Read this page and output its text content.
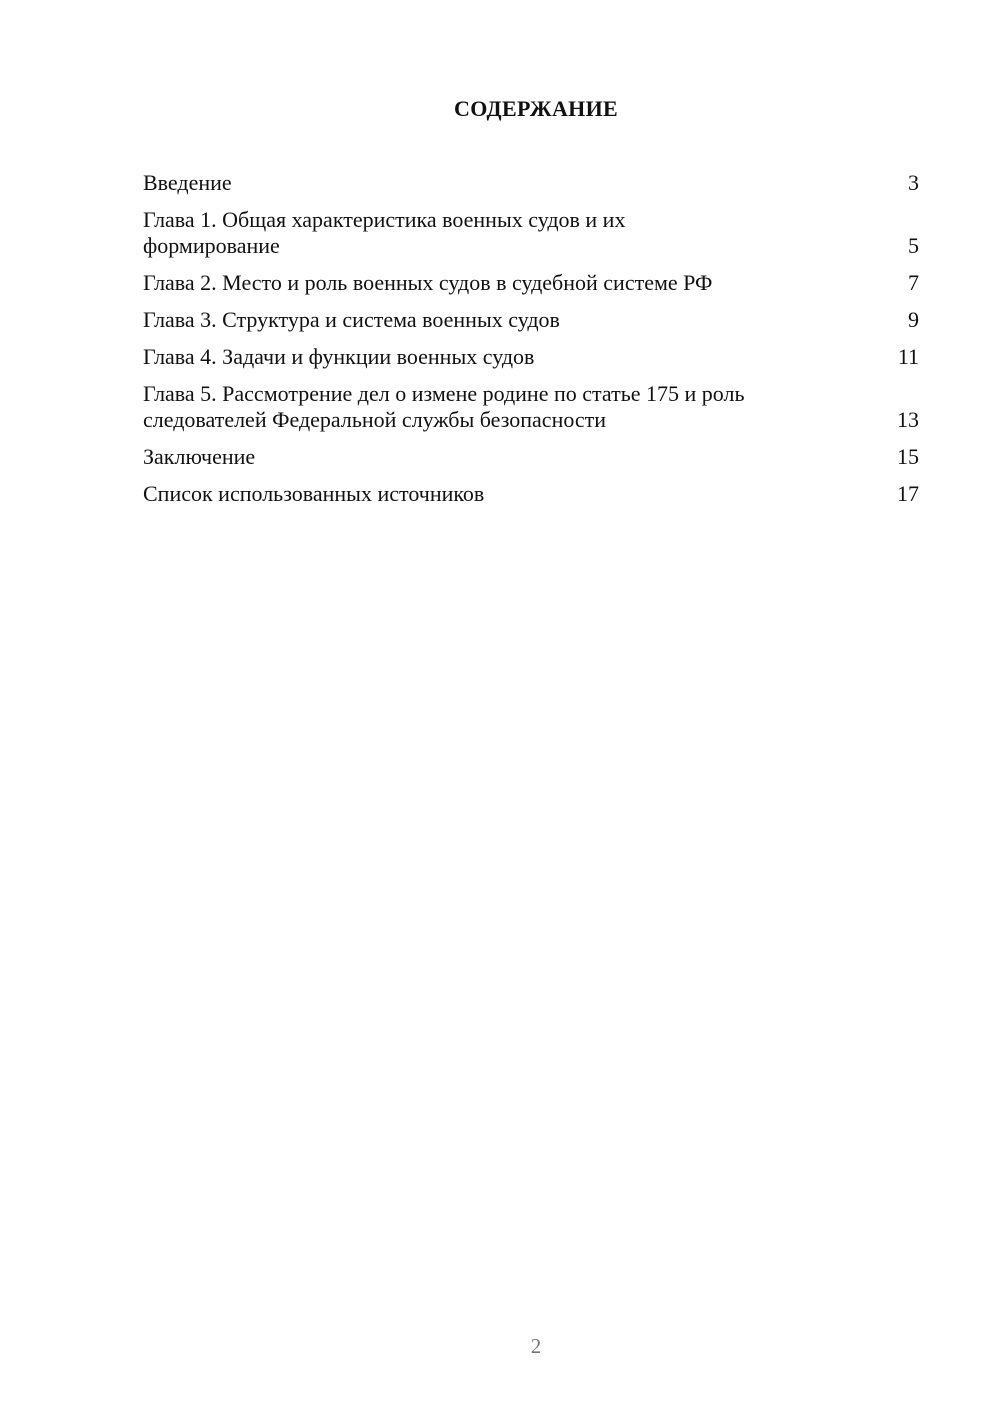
СОДЕРЖАНИЕ
Введение	3
Глава 1. Общая характеристика военных судов и их формирование	5
Глава 2. Место и роль военных судов в судебной системе РФ	7
Глава 3. Структура и система военных судов	9
Глава 4. Задачи и функции военных судов	11
Глава 5. Рассмотрение дел о измене родине по статье 175 и роль следователей Федеральной службы безопасности	13
Заключение	15
Список использованных источников	17
2
